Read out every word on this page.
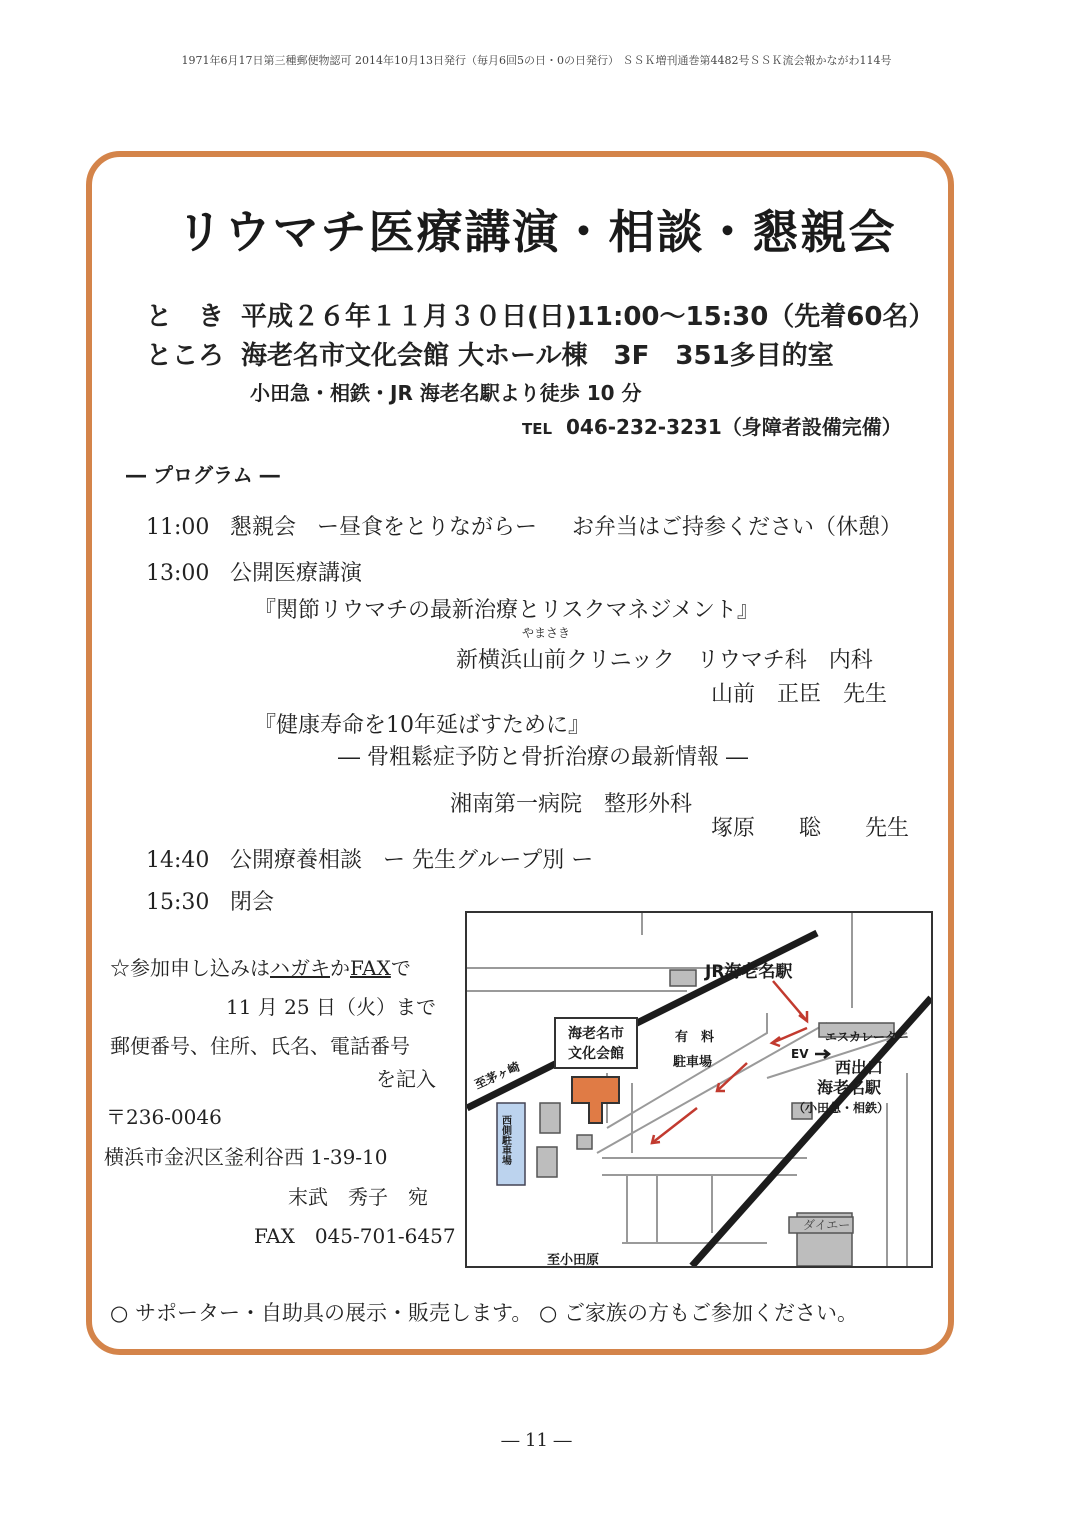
1971年6月17日第三種郵便物認可 2014年10月13日発行（毎月6回5の日・0の日発行） ＳＳＫ増刊通巻第4482号ＳＳＫ流会報かながわ114号
リウマチ医療講演・相談・懇親会
と　き 平成２６年１１月３０日(日)11:00〜15:30（先着60名）
ところ 海老名市文化会館 大ホール棟　3F　351多目的室
小田急・相鉄・JR 海老名駅より徒歩 10 分
TEL 046-232-3231（身障者設備完備）
― プログラム ―
11:00 懇親会 ー昼食をとりながらー お弁当はご持参ください（休憩）
13:00 公開医療講演
『関節リウマチの最新治療とリスクマネジメント』
やまさき
新横浜山前クリニック　リウマチ科　内科
山前　正臣　先生
『健康寿命を10年延ばすために』
― 骨粗鬆症予防と骨折治療の最新情報 ―
湘南第一病院　整形外科
塚原　　聡　　先生
14:40 公開療養相談 ー 先生グループ別 ー
15:30 閉会
☆参加申し込みはハガキかFAXで
11 月 25 日（火）まで
郵便番号、住所、氏名、電話番号
を記入
〒236-0046
横浜市金沢区釜利谷西 1-39-10
末武　秀子　宛
FAX　045-701-6457
JR海老名駅
海老名市
文化会館
有　料
駐車場
エスカレーター
EV
西出口
海老名駅
（小田急・相鉄）
至茅ヶ崎
ダイエー
至小田原
西側駐車場
○ サポーター・自助具の展示・販売します。 ○ ご家族の方もご参加ください。
― 11 ―
